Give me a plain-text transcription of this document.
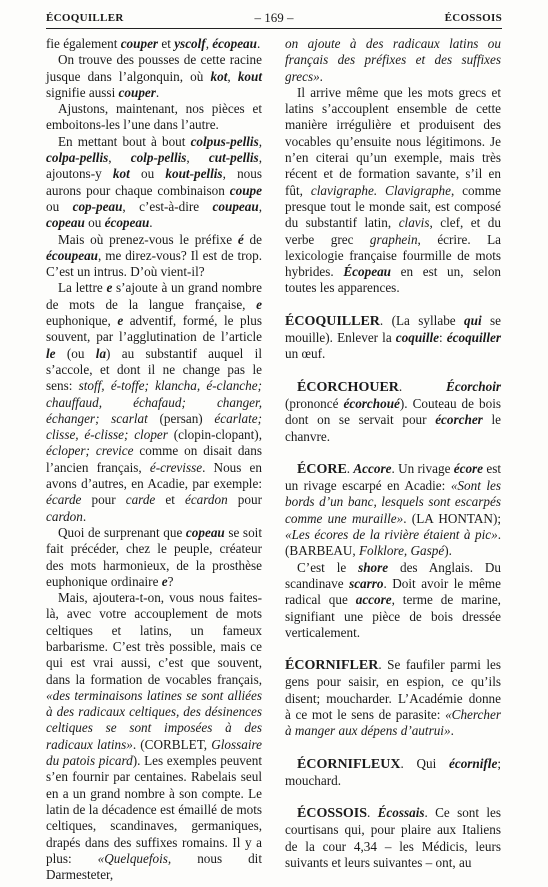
ÉCOQUILLER	– 169 –	ÉCOSSOIS

fie également couper et yscolf, écopeau.

On trouve des pousses de cette racine jusque dans l’algonquin, où kot, kout signifie aussi couper.

Ajustons, maintenant, nos pièces et emboitons-les l’une dans l’autre.

En mettant bout à bout colpus-pellis, colpa-pellis, colp-pellis, cut-pellis, ajoutons-y kot ou kout-pellis, nous aurons pour chaque combinaison coupe ou cop-peau, c’est-à-dire coupeau, copeau ou écopeau.

Mais où prenez-vous le préfixe é de écoupeau, me direz-vous? Il est de trop. C’est un intrus. D’où vient-il?

La lettre e s’ajoute à un grand nombre de mots de la langue française, e euphonique, e adventif, formé, le plus souvent, par l’agglutination de l’article le (ou la) au substantif auquel il s’accole, et dont il ne change pas le sens: stoff, é-toffe; klancha, é-clanche; chauffaud, échafaud; changer, échanger; scarlat (persan) écarlate; clisse, é-clisse; cloper (clopin-clopant), écloper; crevice comme on disait dans l’ancien français, é-crevisse. Nous en avons d’autres, en Acadie, par exemple: écarde pour carde et écardon pour cardon.

Quoi de surprenant que copeau se soit fait précéder, chez le peuple, créateur des mots harmonieux, de la prosthèse euphonique ordinaire e?

Mais, ajoutera-t-on, vous nous faites-là, avec votre accouplement de mots celtiques et latins, un fameux barbarisme. C’est très possible, mais ce qui est vrai aussi, c’est que souvent, dans la formation de vocables français, «des terminaisons latines se sont alliées à des radicaux celtiques, des désinences celtiques se sont imposées à des radicaux latins». (CORBLET, Glossaire du patois picard). Les exemples peuvent s’en fournir par centaines. Rabelais seul en a un grand nombre à son compte. Le latin de la décadence est émaillé de mots celtiques, scandinaves, germaniques, drapés dans des suffixes romains. Il y a plus: «Quelquefois, nous dit Darmesteter,

on ajoute à des radicaux latins ou français des préfixes et des suffixes grecs».

Il arrive même que les mots grecs et latins s’accouplent ensemble de cette manière irrégulière et produisent des vocables qu’ensuite nous légitimons. Je n’en citerai qu’un exemple, mais très récent et de formation savante, s’il en fût, clavigraphe. Clavigraphe, comme presque tout le monde sait, est composé du substantif latin, clavis, clef, et du verbe grec graphein, écrire. La lexicologie française fourmille de mots hybrides. Écopeau en est un, selon toutes les apparences.

ÉCOQUILLER. (La syllabe qui se mouille). Enlever la coquille: écoquiller un œuf.

ÉCORCHOUER. Écorchoir (prononcé écorchoué). Couteau de bois dont on se servait pour écorcher le chanvre.

ÉCORE. Accore. Un rivage écore est un rivage escarpé en Acadie: «Sont les bords d’un banc, lesquels sont escarpés comme une muraille». (LA HONTAN); «Les écores de la rivière étaient à pic». (BARBEAU, Folklore, Gaspé).

C’est le shore des Anglais. Du scandinave scarro. Doit avoir le même radical que accore, terme de marine, signifiant une pièce de bois dressée verticalement.

ÉCORNIFLER. Se faufiler parmi les gens pour saisir, en espion, ce qu’ils disent; moucharder. L’Académie donne à ce mot le sens de parasite: «Chercher à manger aux dépens d’autrui».

ÉCORNIFLEUX. Qui écornifle; mouchard.

ÉCOSSOIS. Écossais. Ce sont les courtisans qui, pour plaire aux Italiens de la cour 4,34 – les Médicis, leurs suivants et leurs suivantes – ont, au
